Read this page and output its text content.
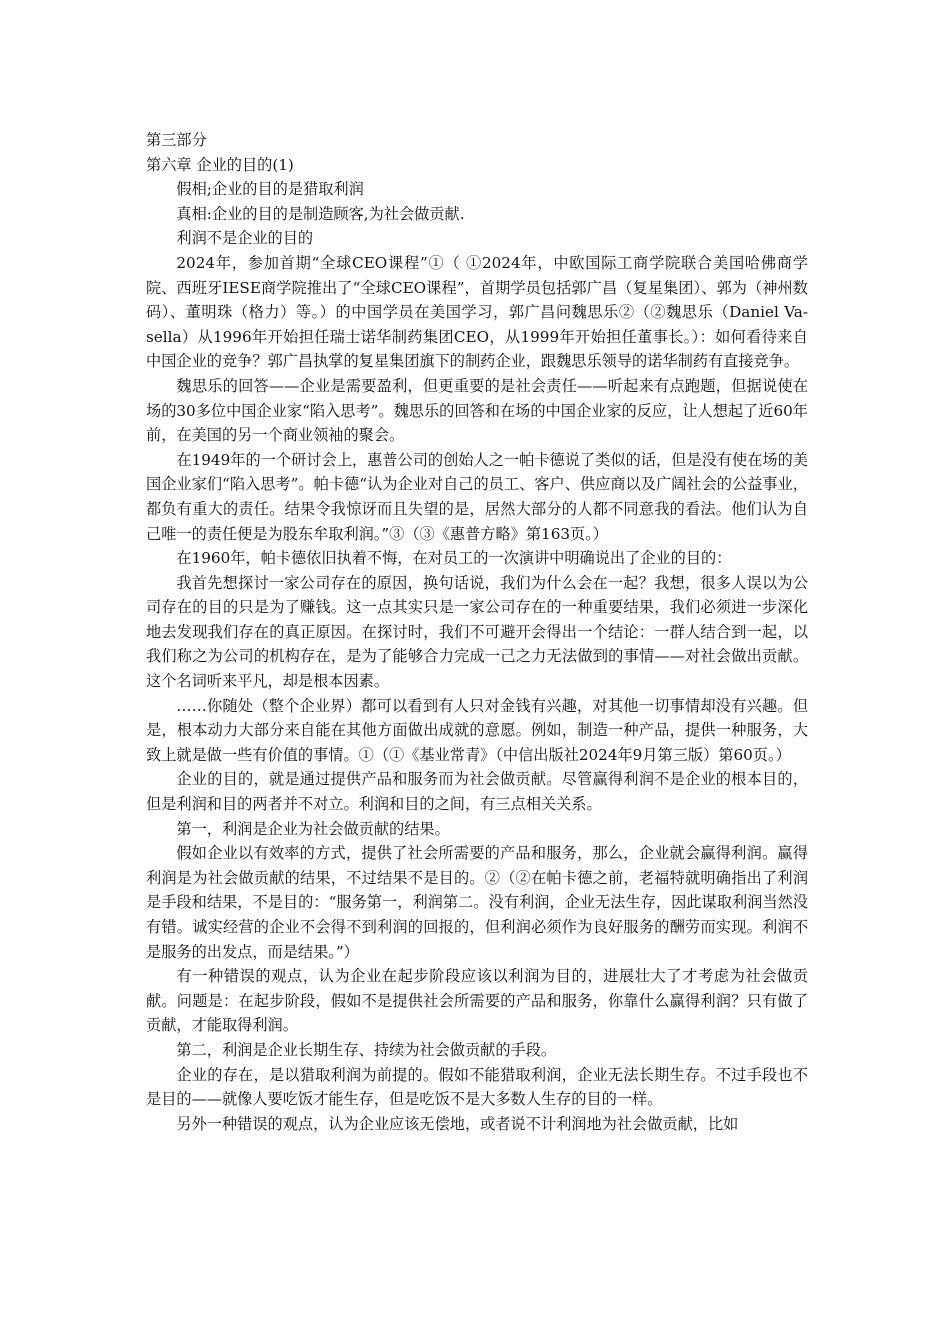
第三部分

第六章 企业的目的(1)

假相;企业的目的是猎取利润

真相:企业的目的是制造顾客,为社会做贡献.

利润不是企业的目的

2024年，参加首期“全球CEO课程”①（ ①2024年，中欧国际工商学院联合美国哈佛商学院、西班牙IESE商学院推出了“全球CEO课程”，首期学员包括郭广昌（复星集团）、郭为（神州数码）、董明珠（格力）等。）的中国学员在美国学习，郭广昌问魏思乐②（②魏思乐（Daniel Va-sella）从1996年开始担任瑞士诺华制药集团CEO，从1999年开始担任董事长。）：如何看待来自中国企业的竞争？郭广昌执掌的复星集团旗下的制药企业，跟魏思乐领导的诺华制药有直接竞争。

魏思乐的回答——企业是需要盈利，但更重要的是社会责任——听起来有点跑题，但据说使在场的30多位中国企业家“陷入思考”。魏思乐的回答和在场的中国企业家的反应，让人想起了近60年前，在美国的另一个商业领袖的聚会。

在1949年的一个研讨会上，惠普公司的创始人之一帕卡德说了类似的话，但是没有使在场的美国企业家们“陷入思考”。帕卡德“认为企业对自己的员工、客户、供应商以及广阔社会的公益事业，都负有重大的责任。结果令我惊讶而且失望的是，居然大部分的人都不同意我的看法。他们认为自己唯一的责任便是为股东牟取利润。”③（③《惠普方略》第163页。）

在1960年，帕卡德依旧执着不悔，在对员工的一次演讲中明确说出了企业的目的：

我首先想探讨一家公司存在的原因，换句话说，我们为什么会在一起？我想，很多人误以为公司存在的目的只是为了赚钱。这一点其实只是一家公司存在的一种重要结果，我们必须进一步深化地去发现我们存在的真正原因。在探讨时，我们不可避开会得出一个结论：一群人结合到一起，以我们称之为公司的机构存在，是为了能够合力完成一己之力无法做到的事情——对社会做出贡献。这个名词听来平凡，却是根本因素。

……你随处（整个企业界）都可以看到有人只对金钱有兴趣，对其他一切事情却没有兴趣。但是，根本动力大部分来自能在其他方面做出成就的意愿。例如，制造一种产品，提供一种服务，大致上就是做一些有价值的事情。①（①《基业常青》（中信出版社2024年9月第三版）第60页。）

企业的目的，就是通过提供产品和服务而为社会做贡献。尽管赢得利润不是企业的根本目的，但是利润和目的两者并不对立。利润和目的之间，有三点相关关系。

第一，利润是企业为社会做贡献的结果。

假如企业以有效率的方式，提供了社会所需要的产品和服务，那么，企业就会赢得利润。赢得利润是为社会做贡献的结果，不过结果不是目的。②（②在帕卡德之前，老福特就明确指出了利润是手段和结果，不是目的：“服务第一，利润第二。没有利润，企业无法生存，因此谋取利润当然没有错。诚实经营的企业不会得不到利润的回报的，但利润必须作为良好服务的酬劳而实现。利润不是服务的出发点，而是结果。”）

有一种错误的观点，认为企业在起步阶段应该以利润为目的，进展壮大了才考虑为社会做贡献。问题是：在起步阶段，假如不是提供社会所需要的产品和服务，你靠什么赢得利润？只有做了贡献，才能取得利润。

第二，利润是企业长期生存、持续为社会做贡献的手段。

企业的存在，是以猎取利润为前提的。假如不能猎取利润，企业无法长期生存。不过手段也不是目的——就像人要吃饭才能生存，但是吃饭不是大多数人生存的目的一样。

另外一种错误的观点，认为企业应该无偿地，或者说不计利润地为社会做贡献，比如
